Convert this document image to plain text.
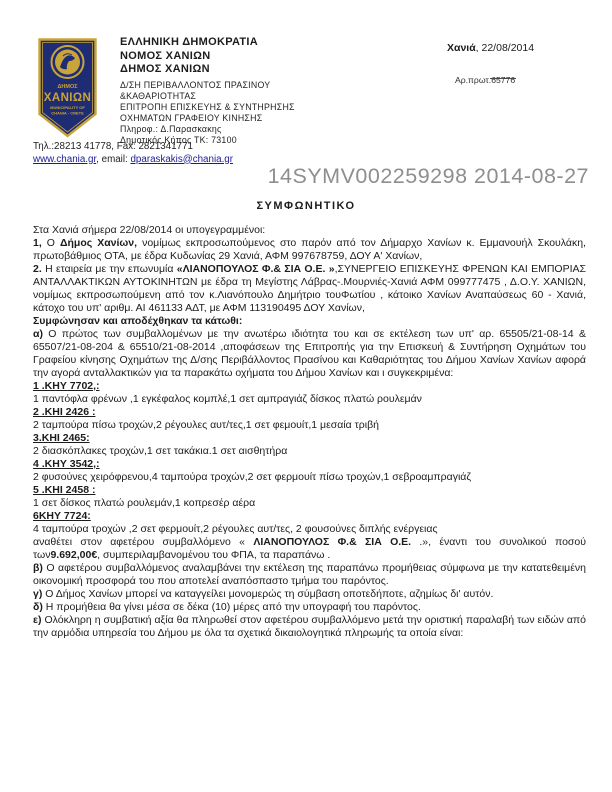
ΔΗΜΟΣ
ΧΑΝΙΩΝ
MUNICIPALITY OF
CHANIA - CRETE
ΕΛΛΗΝΙΚΗ ΔΗΜΟΚΡΑΤΙΑ
ΝΟΜΟΣ ΧΑΝΙΩΝ
ΔΗΜΟΣ ΧΑΝΙΩΝ
Δ/ΣΗ ΠΕΡΙΒΑΛΛΟΝΤΟΣ ΠΡΑΣΙΝΟΥ
&ΚΑΘΑΡΙΟΤΗΤΑΣ
ΕΠΙΤΡΟΠΗ ΕΠΙΣΚΕΥΗΣ & ΣΥΝΤΗΡΗΣΗΣ
ΟΧΗΜΑΤΩΝ ΓΡΑΦΕΙΟΥ ΚΙΝΗΣΗΣ
Πληροφ.: Δ.Παρασκακης
Δημοτικός Κήπος ΤΚ: 73100
Τηλ.:28213 41778, Fax: 2821341771
www.chania.gr, email: dparaskakis@chania.gr
Χανιά, 22/08/2014
Αρ.πρωτ.65776
14SYMV002259298 2014-08-27
ΣΥΜΦΩΝΗΤΙΚΟ

Στα Χανιά σήμερα 22/08/2014 οι υπογεγραμμένοι:

1, Ο Δήμος Χανίων, νομίμως εκπροσωπούμενος στο παρόν από τον Δήμαρχο Χανίων κ. Εμμανουήλ Σκουλάκη, πρωτοβάθμιος ΟΤΑ, με έδρα Κυδωνίας 29 Χανιά, ΑΦΜ 997678759, ΔΟΥ Α' Χανίων,

2. Η εταιρεία με την επωνυμία «ΛΙΑΝΟΠΟΥΛΟΣ Φ.& ΣΙΑ Ο.Ε. »,ΣΥΝΕΡΓΕΙΟ ΕΠΙΣΚΕΥΗΣ ΦΡΕΝΩΝ ΚΑΙ ΕΜΠΟΡΙΑΣ ΑΝΤΑΛΛΑΚΤΙΚΩΝ ΑΥΤΟΚΙΝΗΤΩΝ με έδρα τη Μεγίστης Λάβρας-.Μουρνιές-Χανιά ΑΦΜ 099777475 , Δ.Ο.Υ. ΧΑΝΙΩΝ, νομίμως εκπροσωπούμενη από τον κ.Λιανόπουλο Δημήτριο τουΦωτίου , κάτοικο Χανίων Αναπαύσεως 60 - Χανιά, κάτοχο του υπ' αριθμ. ΑΙ 461133 ΑΔΤ, με ΑΦΜ 113190495 ΔΟΥ Χανίων,

Συμφώνησαν και αποδέχθηκαν τα κάτωθι:

α) Ο πρώτος των συμβαλλομένων με την ανωτέρω ιδιότητα του και σε εκτέλεση των υπ' αρ. 65505/21-08-14 & 65507/21-08-204 & 65510/21-08-2014 ,αποφάσεων της Επιτροπής για την Επισκευή & Συντήρηση Οχημάτων του Γραφείου κίνησης Οχημάτων της Δ/σης Περιβάλλοντος Πρασίνου και Καθαριότητας του Δήμου Χανίων Χανίων αφορά την αγορά ανταλλακτικών για τα παρακάτω οχήματα του Δήμου Χανίων και ι συγκεκριμένα:

1 .ΚΗΥ 7702,:
1 παντόφλα φρένων ,1 εγκέφαλος κομπλέ,1 σετ αμπραγιάζ δίσκος πλατώ ρουλεμάν
2 .ΚΗΙ 2426 :
2 ταμπούρα πίσω τροχών,2 ρέγουλες αυτ/τες,1 σετ φεμουίτ,1 μεσαία τριβή
3.ΚΗΙ 2465:
2 διασκόπλακες τροχών,1 σετ τακάκια.1 σετ αισθητήρα
4 .ΚΗΥ 3542,:
2 φυσούνες χειρόφρενου,4 ταμπούρα τροχών,2 σετ φερμουίτ πίσω τροχών,1 σεβροαμπραγιάζ
5 .ΚΗΙ 2458 :
1 σετ δίσκος πλατώ ρουλεμάν,1 κοπρεσέρ αέρα
6ΚΗΥ 7724:
4 ταμπούρα τροχών ,2 σετ φερμουίτ,2 ρέγουλες αυτ/τες, 2 φουσούνες διπλής ενέργειας

αναθέτει στον αφετέρου συμβαλλόμενο « ΛΙΑΝΟΠΟΥΛΟΣ Φ.& ΣΙΑ Ο.Ε. .», έναντι του συνολικού ποσού των9.692,00€, συμπεριλαμβανομένου του ΦΠΑ, τα παραπάνω .

β) Ο αφετέρου συμβαλλόμενος αναλαμβάνει την εκτέλεση της παραπάνω προμήθειας σύμφωνα με την κατατεθειμένη οικονομική προσφορά του που αποτελεί αναπόσπαστο τμήμα του παρόντος.

γ) Ο Δήμος Χανίων μπορεί να καταγγείλει μονομερώς τη σύμβαση οποτεδήποτε, αζημίως δι' αυτόν.

δ) Η προμήθεια θα γίνει μέσα σε δέκα (10) μέρες από την υπογραφή του παρόντος.

ε) Ολόκληρη η συμβατική αξία θα πληρωθεί στον αφετέρου συμβαλλόμενο μετά την οριστική παραλαβή των ειδών από την αρμόδια υπηρεσία του Δήμου με όλα τα σχετικά δικαιολογητικά πληρωμής τα οποία είναι:
